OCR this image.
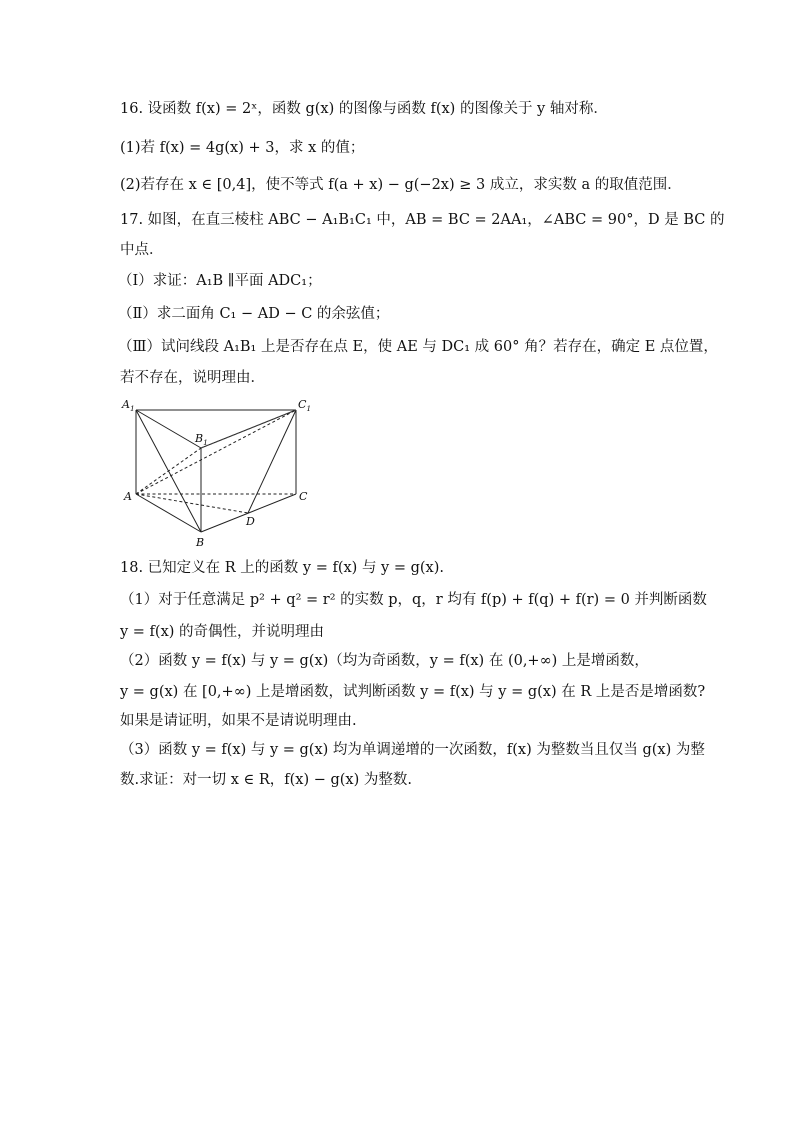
16. 设函数 f(x) = 2ˣ，函数 g(x) 的图像与函数 f(x) 的图像关于 y 轴对称．
(1)若 f(x) = 4g(x) + 3，求 x 的值；
(2)若存在 x ∈ [0,4]，使不等式 f(a + x) − g(−2x) ≥ 3 成立，求实数 a 的取值范围．
17. 如图，在直三棱柱 ABC − A₁B₁C₁ 中，AB = BC = 2AA₁，∠ABC = 90°，D 是 BC 的
中点．
（Ⅰ）求证：A₁B ∥平面 ADC₁；
（Ⅱ）求二面角 C₁ − AD − C 的余弦值；
（Ⅲ）试问线段 A₁B₁ 上是否存在点 E，使 AE 与 DC₁ 成 60° 角？若存在，确定 E 点位置，
若不存在，说明理由．
$A_1$
$B_1$
$C_1$
A	C
D
B
18. 已知定义在 R 上的函数 y = f(x) 与 y = g(x).
（1）对于任意满足 p² + q² = r² 的实数 p，q，r 均有 f(p) + f(q) + f(r) = 0 并判断函数
y = f(x) 的奇偶性，并说明理由
（2）函数 y = f(x) 与 y = g(x)（均为奇函数，y = f(x) 在 (0,+∞) 上是增函数，
y = g(x) 在 [0,+∞) 上是增函数，试判断函数 y = f(x) 与 y = g(x) 在 R 上是否是增函数?
如果是请证明，如果不是请说明理由.
（3）函数 y = f(x) 与 y = g(x) 均为单调递增的一次函数，f(x) 为整数当且仅当 g(x) 为整
数.求证：对一切 x ∈ R，f(x) − g(x) 为整数.
